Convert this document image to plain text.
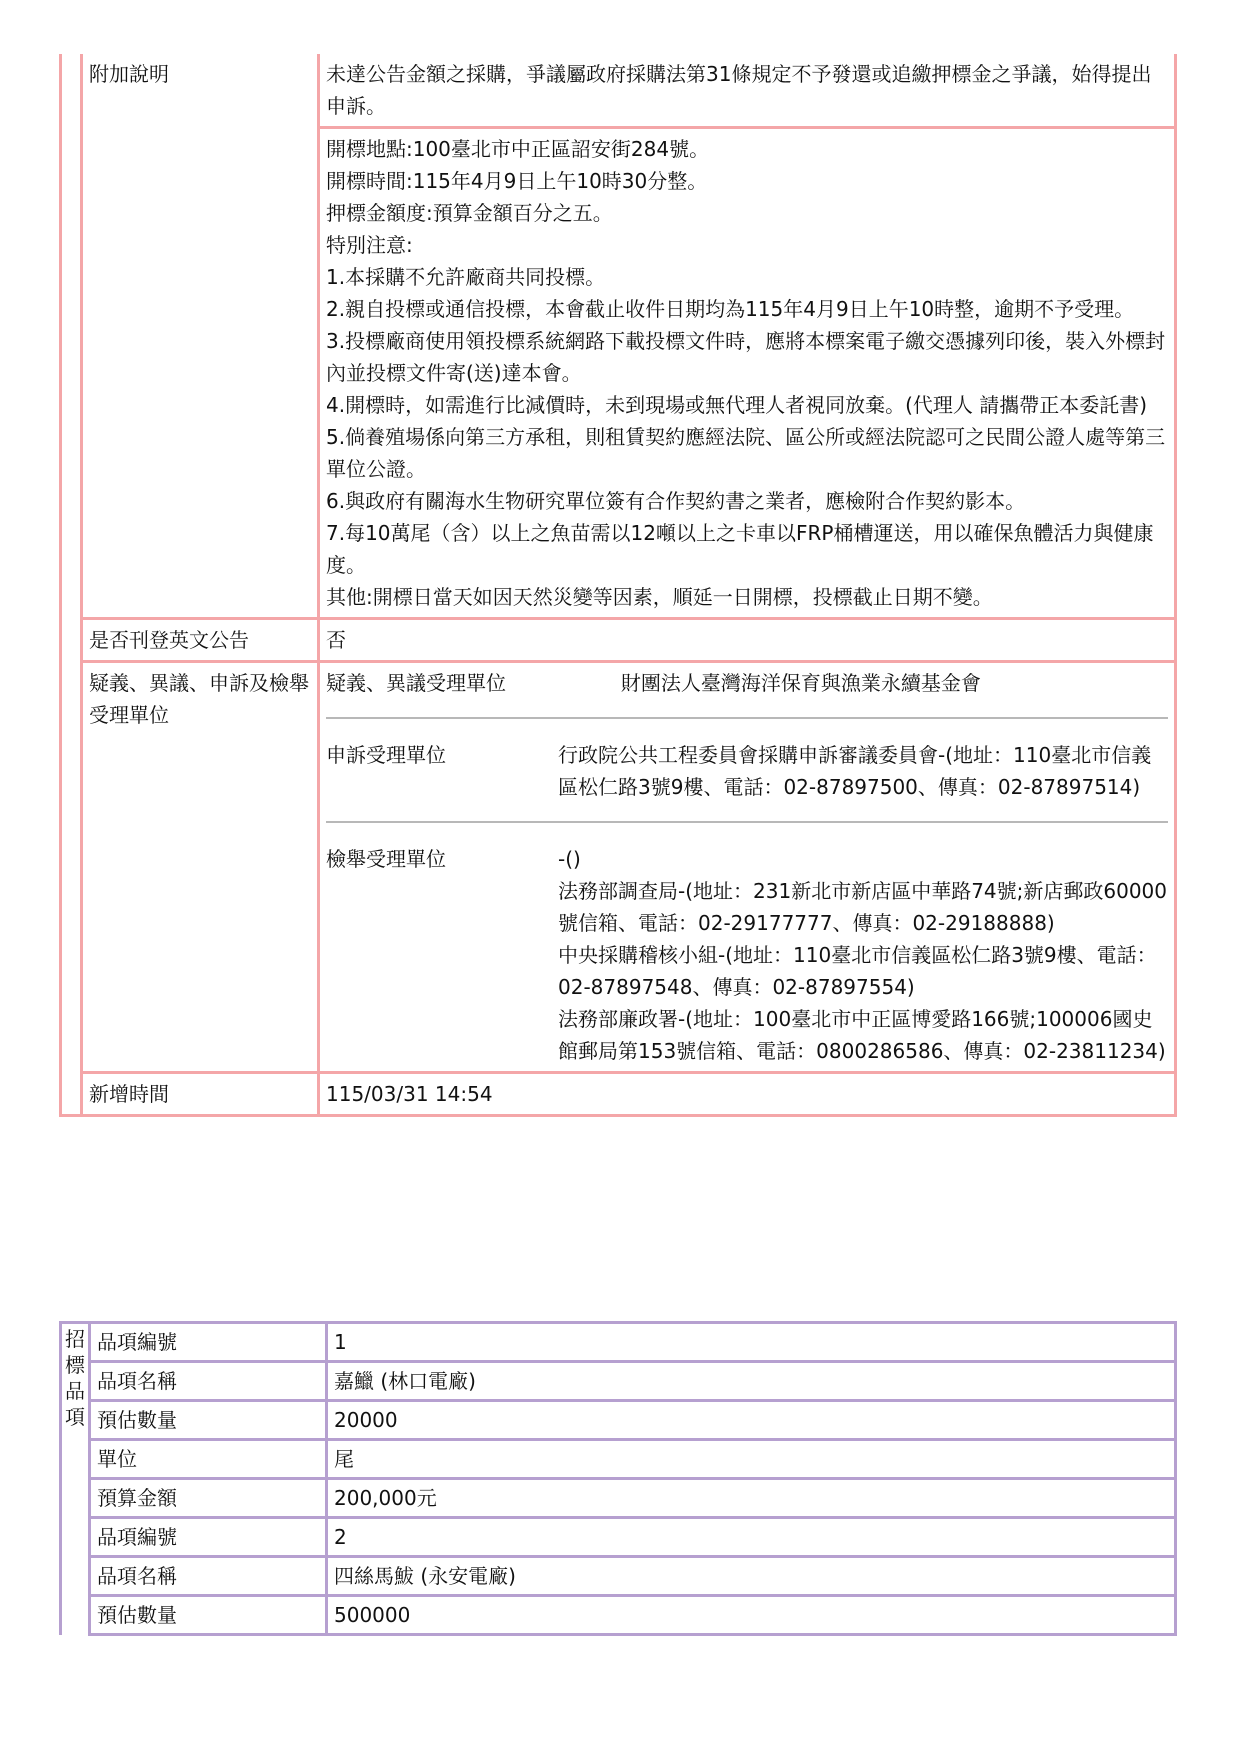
	附加說明	未達公告金額之採購，爭議屬政府採購法第31條規定不予發還或追繳押標金之爭議，始得提出申訴。
開標地點:100臺北市中正區詔安街284號。
開標時間:115年4月9日上午10時30分整。
押標金額度:預算金額百分之五。
特別注意:
1.本採購不允許廠商共同投標。
2.親自投標或通信投標，本會截止收件日期均為115年4月9日上午10時整，逾期不予受理。
3.投標廠商使用領投標系統網路下載投標文件時，應將本標案電子繳交憑據列印後，裝入外標封內並投標文件寄(送)達本會。
4.開標時，如需進行比減價時，未到現場或無代理人者視同放棄。(代理人 請攜帶正本委託書)
5.倘養殖場係向第三方承租，則租賃契約應經法院、區公所或經法院認可之民間公證人處等第三單位公證。
6.與政府有關海水生物研究單位簽有合作契約書之業者，應檢附合作契約影本。
7.每10萬尾（含）以上之魚苗需以12噸以上之卡車以FRP桶槽運送，用以確保魚體活力與健康度。
其他:開標日當天如因天然災變等因素，順延一日開標，投標截止日期不變。

是否刊登英文公告	否
疑義、異議、申訴及檢舉受理單位	
疑義、異議受理單位	財團法人臺灣海洋保育與漁業永續基金會
申訴受理單位	行政院公共工程委員會採購申訴審議委員會-(地址：110臺北市信義區松仁路3號9樓、電話：02-87897500、傳真：02-87897514)
檢舉受理單位	-()
法務部調查局-(地址：231新北市新店區中華路74號;新店郵政60000號信箱、電話：02-29177777、傳真：02-29188888)
中央採購稽核小組-(地址：110臺北市信義區松仁路3號9樓、電話：02-87897548、傳真：02-87897554)
法務部廉政署-(地址：100臺北市中正區博愛路166號;100006國史館郵局第153號信箱、電話：0800286586、傳真：02-23811234)

新增時間	115/03/31 14:54
招
標
品
項	品項編號	1
	品項名稱	嘉鱲 (林口電廠)
	預估數量	20000
	單位	尾
	預算金額	200,000元
	品項編號	2
	品項名稱	四絲馬鮁 (永安電廠)
	預估數量	500000
